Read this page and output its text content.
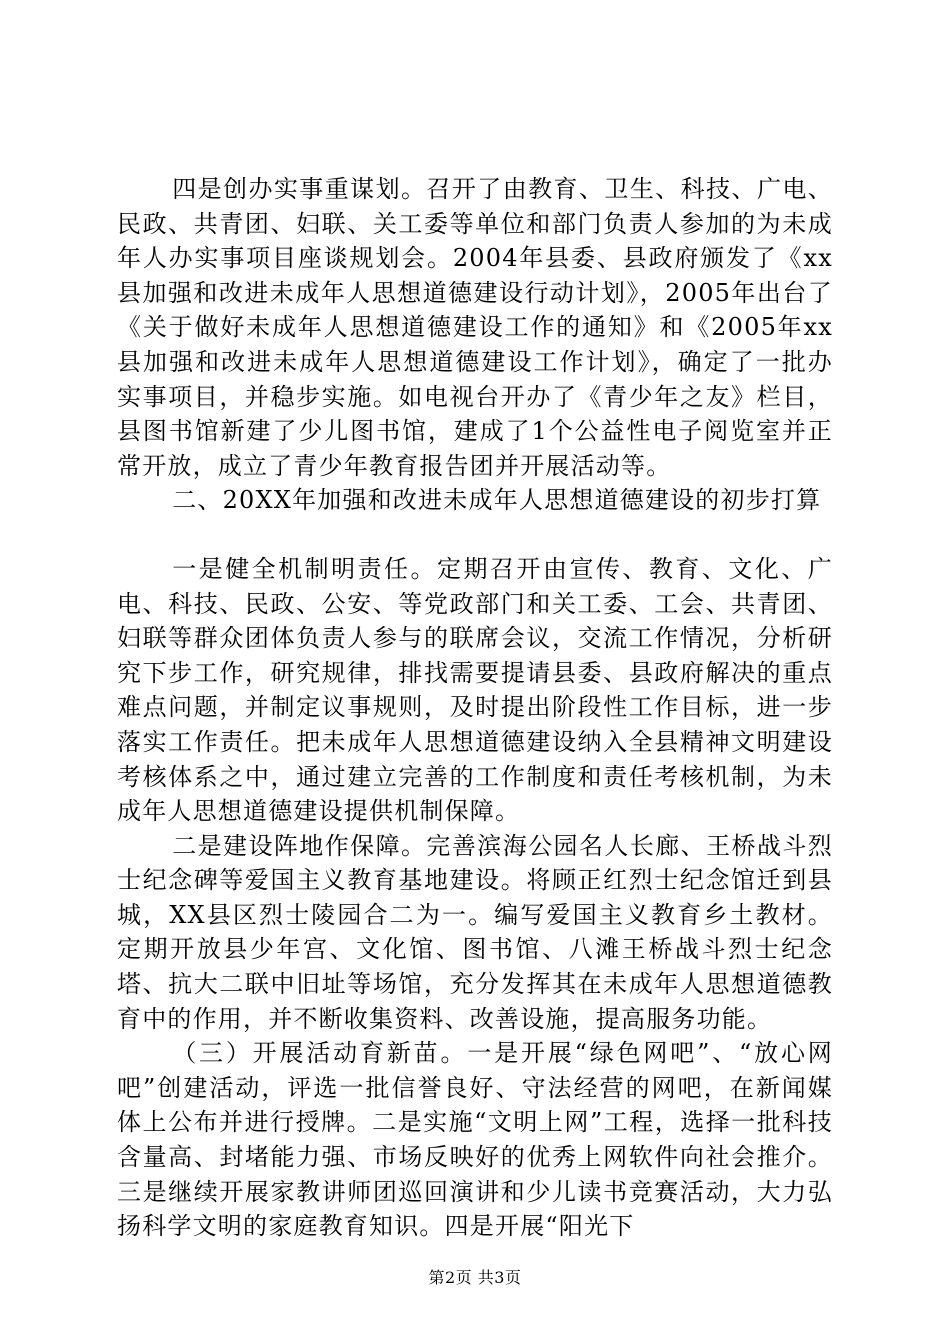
四是创办实事重谋划。召开了由教育、卫生、科技、广电、民政、共青团、妇联、关工委等单位和部门负责人参加的为未成年人办实事项目座谈规划会。2004年县委、县政府颁发了《xx县加强和改进未成年人思想道德建设行动计划》，2005年出台了《关于做好未成年人思想道德建设工作的通知》和《2005年xx县加强和改进未成年人思想道德建设工作计划》，确定了一批办实事项目，并稳步实施。如电视台开办了《青少年之友》栏目，县图书馆新建了少儿图书馆，建成了1个公益性电子阅览室并正常开放，成立了青少年教育报告团并开展活动等。

二、20XX年加强和改进未成年人思想道德建设的初步打算

一是健全机制明责任。定期召开由宣传、教育、文化、广电、科技、民政、公安、等党政部门和关工委、工会、共青团、妇联等群众团体负责人参与的联席会议，交流工作情况，分析研究下步工作，研究规律，排找需要提请县委、县政府解决的重点难点问题，并制定议事规则，及时提出阶段性工作目标，进一步落实工作责任。把未成年人思想道德建设纳入全县精神文明建设考核体系之中，通过建立完善的工作制度和责任考核机制，为未成年人思想道德建设提供机制保障。

二是建设阵地作保障。完善滨海公园名人长廊、王桥战斗烈士纪念碑等爱国主义教育基地建设。将顾正红烈士纪念馆迁到县城，XX县区烈士陵园合二为一。编写爱国主义教育乡土教材。定期开放县少年宫、文化馆、图书馆、八滩王桥战斗烈士纪念塔、抗大二联中旧址等场馆，充分发挥其在未成年人思想道德教育中的作用，并不断收集资料、改善设施，提高服务功能。

（三）开展活动育新苗。一是开展“绿色网吧”、“放心网吧”创建活动，评选一批信誉良好、守法经营的网吧，在新闻媒体上公布并进行授牌。二是实施“文明上网”工程，选择一批科技含量高、封堵能力强、市场反映好的优秀上网软件向社会推介。三是继续开展家教讲师团巡回演讲和少儿读书竞赛活动，大力弘扬科学文明的家庭教育知识。四是开展“阳光下

第2页 共3页
